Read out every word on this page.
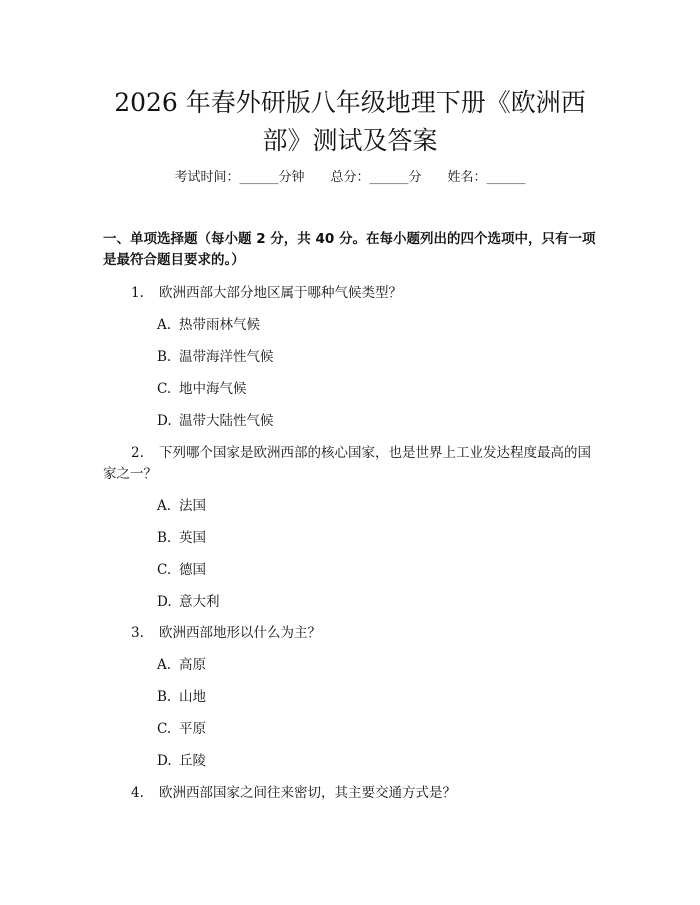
2026 年春外研版八年级地理下册《欧洲西
部》测试及答案
考试时间：______分钟 总分：______分 姓名：______
一、单项选择题（每小题 2 分，共 40 分。在每小题列出的四个选项中，只有一项是最符合题目要求的。）
1.	欧洲西部大部分地区属于哪种气候类型？
A. 热带雨林气候
B. 温带海洋性气候
C. 地中海气候
D. 温带大陆性气候
2.	下列哪个国家是欧洲西部的核心国家，也是世界上工业发达程度最高的国
家之一？
A. 法国
B. 英国
C. 德国
D. 意大利
3.	欧洲西部地形以什么为主？
A. 高原
B. 山地
C. 平原
D. 丘陵
4.	欧洲西部国家之间往来密切，其主要交通方式是？
